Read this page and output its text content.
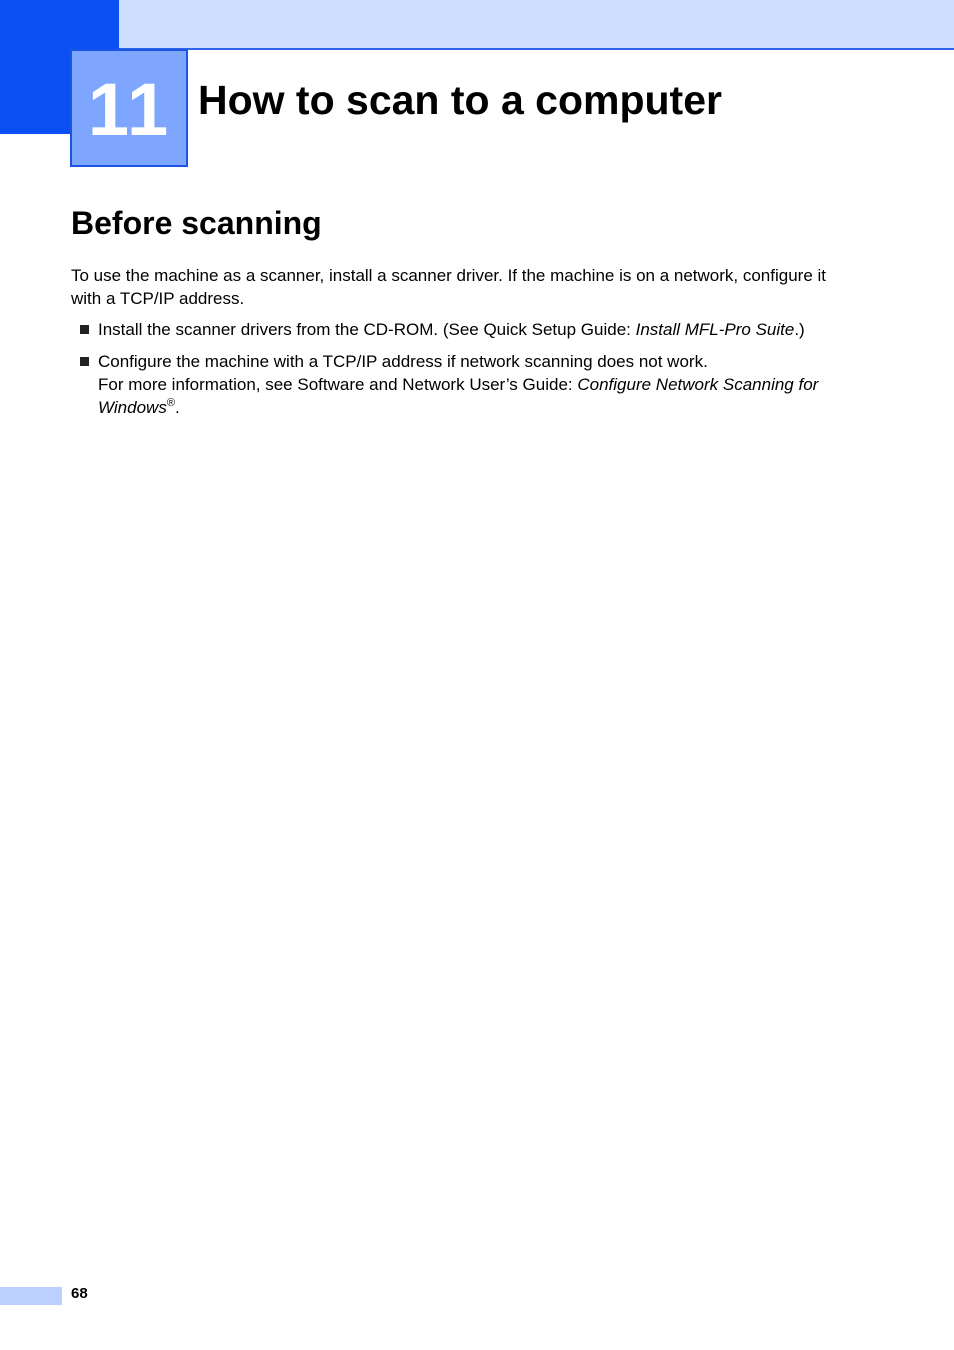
11 How to scan to a computer
Before scanning

To use the machine as a scanner, install a scanner driver. If the machine is on a network, configure it with a TCP/IP address.

Install the scanner drivers from the CD-ROM. (See Quick Setup Guide: Install MFL-Pro Suite.)
Configure the machine with a TCP/IP address if network scanning does not work.
For more information, see Software and Network User’s Guide: Configure Network Scanning for Windows®.
68
